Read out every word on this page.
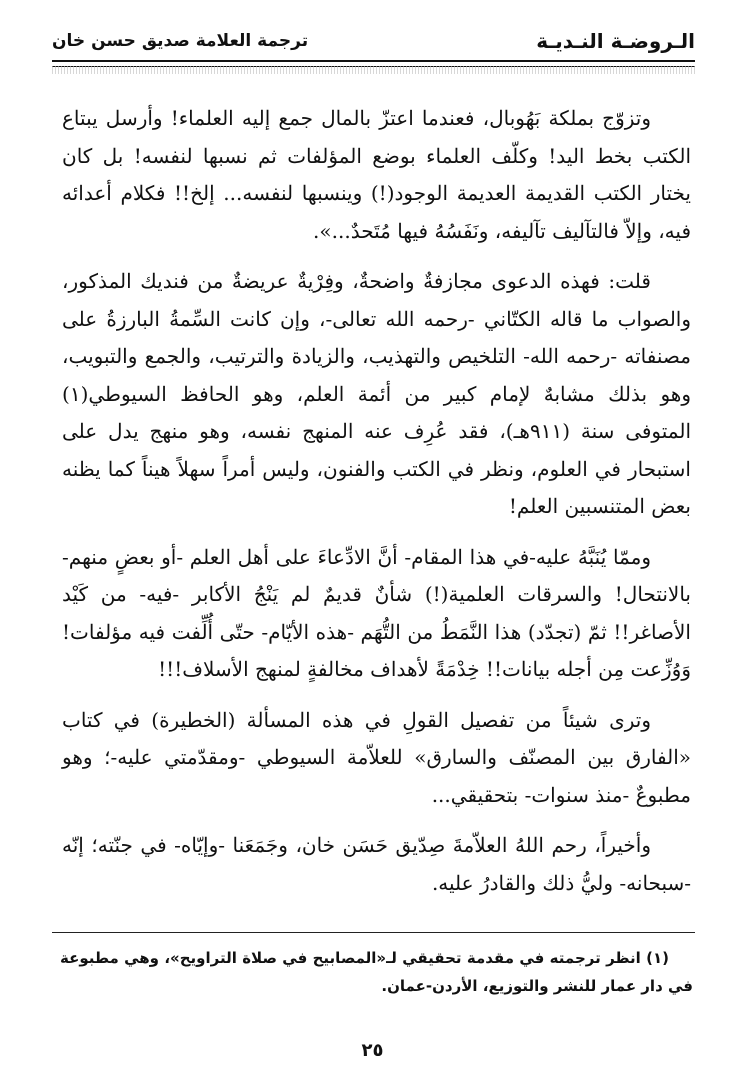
الـروضـة النـديـة
ترجمة العلامة صديق حسن خان

وتزوّج بملكة بَهُوبال، فعندما اعتزّ بالمال جمع إليه العلماء! وأرسل يبتاع الكتب بخط اليد! وكلّف العلماء بوضع المؤلفات ثم نسبها لنفسه! بل كان يختار الكتب القديمة العديمة الوجود(!) وينسبها لنفسه... إلخ!! فكلام أعدائه فيه، وإلاّ فالتآليف تآليفه، ونَفَسُهُ فيها مُتَحدٌ...».

قلت: فهذه الدعوى مجازفةٌ واضحةٌ، وفِرْيةٌ عريضةٌ من فنديك المذكور، والصواب ما قاله الكتّاني -رحمه الله تعالى-، وإن كانت السِّمةُ البارزةُ على مصنفاته -رحمه الله- التلخيص والتهذيب، والزيادة والترتيب، والجمع والتبويب، وهو بذلك مشابهٌ لإمام كبير من أئمة العلم، وهو الحافظ السيوطي(١) المتوفى سنة (٩١١هـ)، فقد عُرِف عنه المنهج نفسه، وهو منهج يدل على استبحار في العلوم، ونظر في الكتب والفنون، وليس أمراً سهلاً هيناً كما يظنه بعض المتنسبين العلم!

وممّا يُنَبَّهُ عليه-في هذا المقام- أنَّ الادِّعاءَ على أهل العلم -أو بعضٍ منهم- بالانتحال! والسرقات العلمية(!) شأنٌ قديمٌ لم يَنْجُ الأكابر -فيه- من كَيْد الأصاغر!! ثمّ (تجدّد) هذا النَّمَطُ من التُّهَم -هذه الأيّام- حتّى أُلِّفت فيه مؤلفات! وَوُزِّعت مِن أجله بيانات!! خِدْمَةً لأهداف مخالفةٍ لمنهج الأسلاف!!!

وترى شيئاً من تفصيل القولِ في هذه المسألة (الخطيرة) في كتاب «الفارق بين المصنّف والسارق» للعلاّمة السيوطي -ومقدّمتي عليه-؛ وهو مطبوعٌ -منذ سنوات- بتحقيقي...

وأخيراً، رحم اللهُ العلاّمةَ صِدّيق حَسَن خان، وجَمَعَنا -وإيّاه- في جنّته؛ إنّه -سبحانه- وليُّ ذلك والقادرُ عليه.

(١) انظر ترجمته في مقدمة تحقيقي لـ«المصابيح في صلاة التراويح»، وهي مطبوعة في دار عمار للنشر والتوزيع، الأردن-عمان.

٢٥
